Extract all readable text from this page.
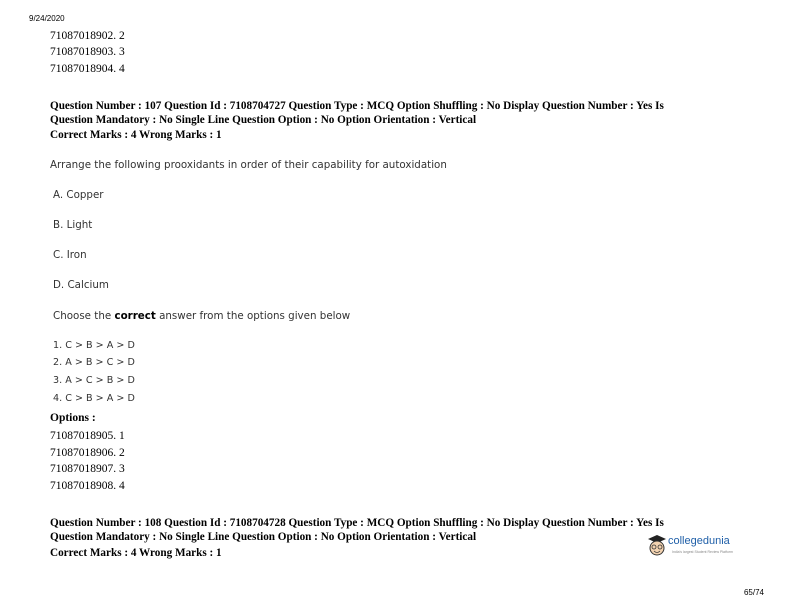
9/24/2020
71087018902. 2
71087018903. 3
71087018904. 4
Question Number : 107 Question Id : 7108704727 Question Type : MCQ Option Shuffling : No Display Question Number : Yes Is
Question Mandatory : No Single Line Question Option : No Option Orientation : Vertical
Correct Marks : 4 Wrong Marks : 1
Arrange the following prooxidants in order of their capability for autoxidation
A. Copper
B. Light
C. Iron
D. Calcium
Choose the correct answer from the options given below
1. C > B > A > D
2. A > B > C > D
3. A > C > B > D
4. C > B > A > D
Options :
71087018905. 1
71087018906. 2
71087018907. 3
71087018908. 4
Question Number : 108 Question Id : 7108704728 Question Type : MCQ Option Shuffling : No Display Question Number : Yes Is
Question Mandatory : No Single Line Question Option : No Option Orientation : Vertical
Correct Marks : 4 Wrong Marks : 1
collegedunia
India's largest Student Review Platform
65/74
